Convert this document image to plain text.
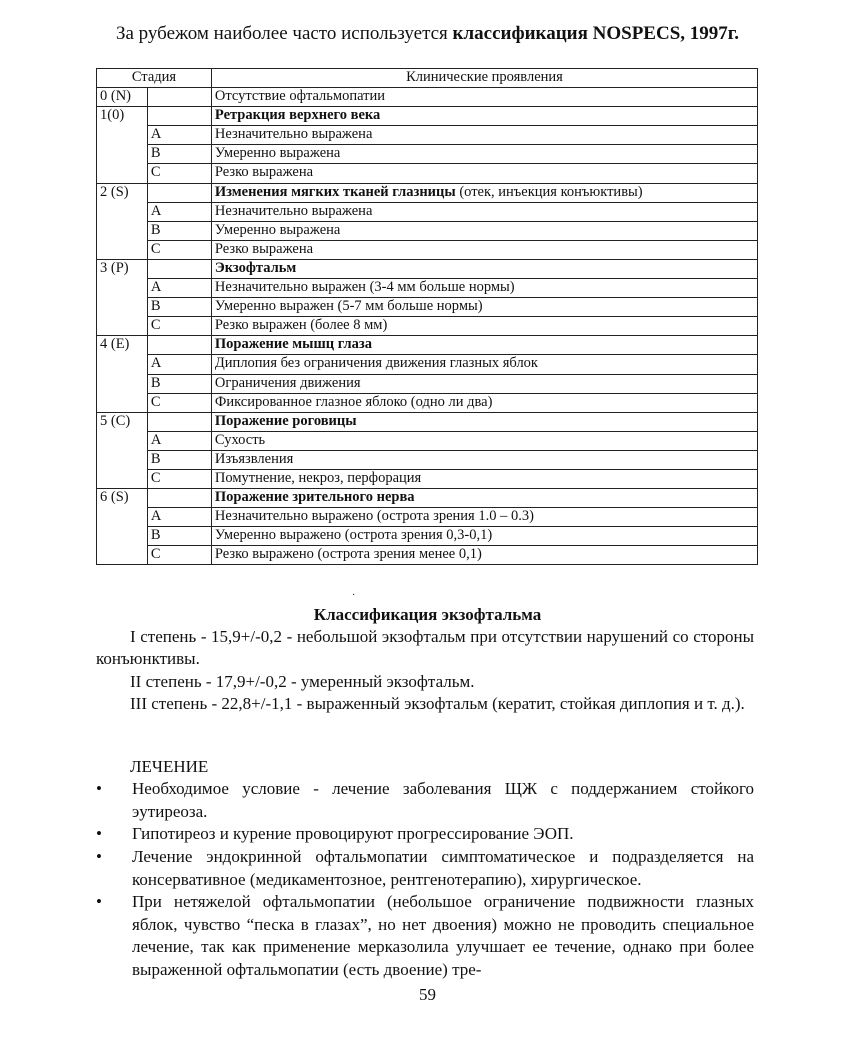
За рубежом наиболее часто используется классификация NOSPECS, 1997г.
Стадия		Клинические проявления
0 (N)		Отсутствие офтальмопатии
1(0)		Ретракция верхнего века
	A	Незначительно выражена
	B	Умеренно выражена
	C	Резко выражена
2 (S)		Изменения мягких тканей глазницы (отек, инъекция конъюктивы)
	A	Незначительно выражена
	B	Умеренно выражена
	C	Резко выражена
3 (P)		Экзофтальм
	A	Незначительно выражен (3-4 мм больше нормы)
	B	Умеренно выражен (5-7 мм больше нормы)
	C	Резко выражен (более 8 мм)
4 (E)		Поражение мышц глаза
	A	Диплопия без ограничения движения глазных яблок
	B	Ограничения движения
	C	Фиксированное глазное яблоко (одно ли два)
5 (C)		Поражение роговицы
	A	Сухость
	B	Изъязвления
	C	Помутнение, некроз, перфорация
6 (S)		Поражение зрительного нерва
	A	Незначительно выражено (острота зрения 1.0 – 0.3)
	B	Умеренно выражено (острота зрения 0,3-0,1)
	C	Резко выражено (острота зрения менее 0,1)
·
Классификация экзофтальма
I степень - 15,9+/-0,2 - небольшой экзофтальм при отсутствии нарушений со стороны конъюнктивы.
II степень - 17,9+/-0,2 - умеренный экзофтальм.
III степень - 22,8+/-1,1 - выраженный экзофтальм (кератит, стойкая диплопия и т. д.).
ЛЕЧЕНИЕ
•	Необходимое условие - лечение заболевания ЩЖ с поддержанием стойкого эутиреоза.
•	Гипотиреоз и курение провоцируют прогрессирование ЭОП.
•	Лечение эндокринной офтальмопатии симптоматическое и подразделяется на консервативное (медикаментозное, рентгенотерапию), хирургическое.
•	При нетяжелой офтальмопатии (небольшое ограничение подвижности глазных яблок, чувство “песка в глазах”, но нет двоения) можно не проводить специальное лечение, так как применение мерказолила улучшает ее течение, однако при более выраженной офтальмопатии (есть двоение) тре-
59
